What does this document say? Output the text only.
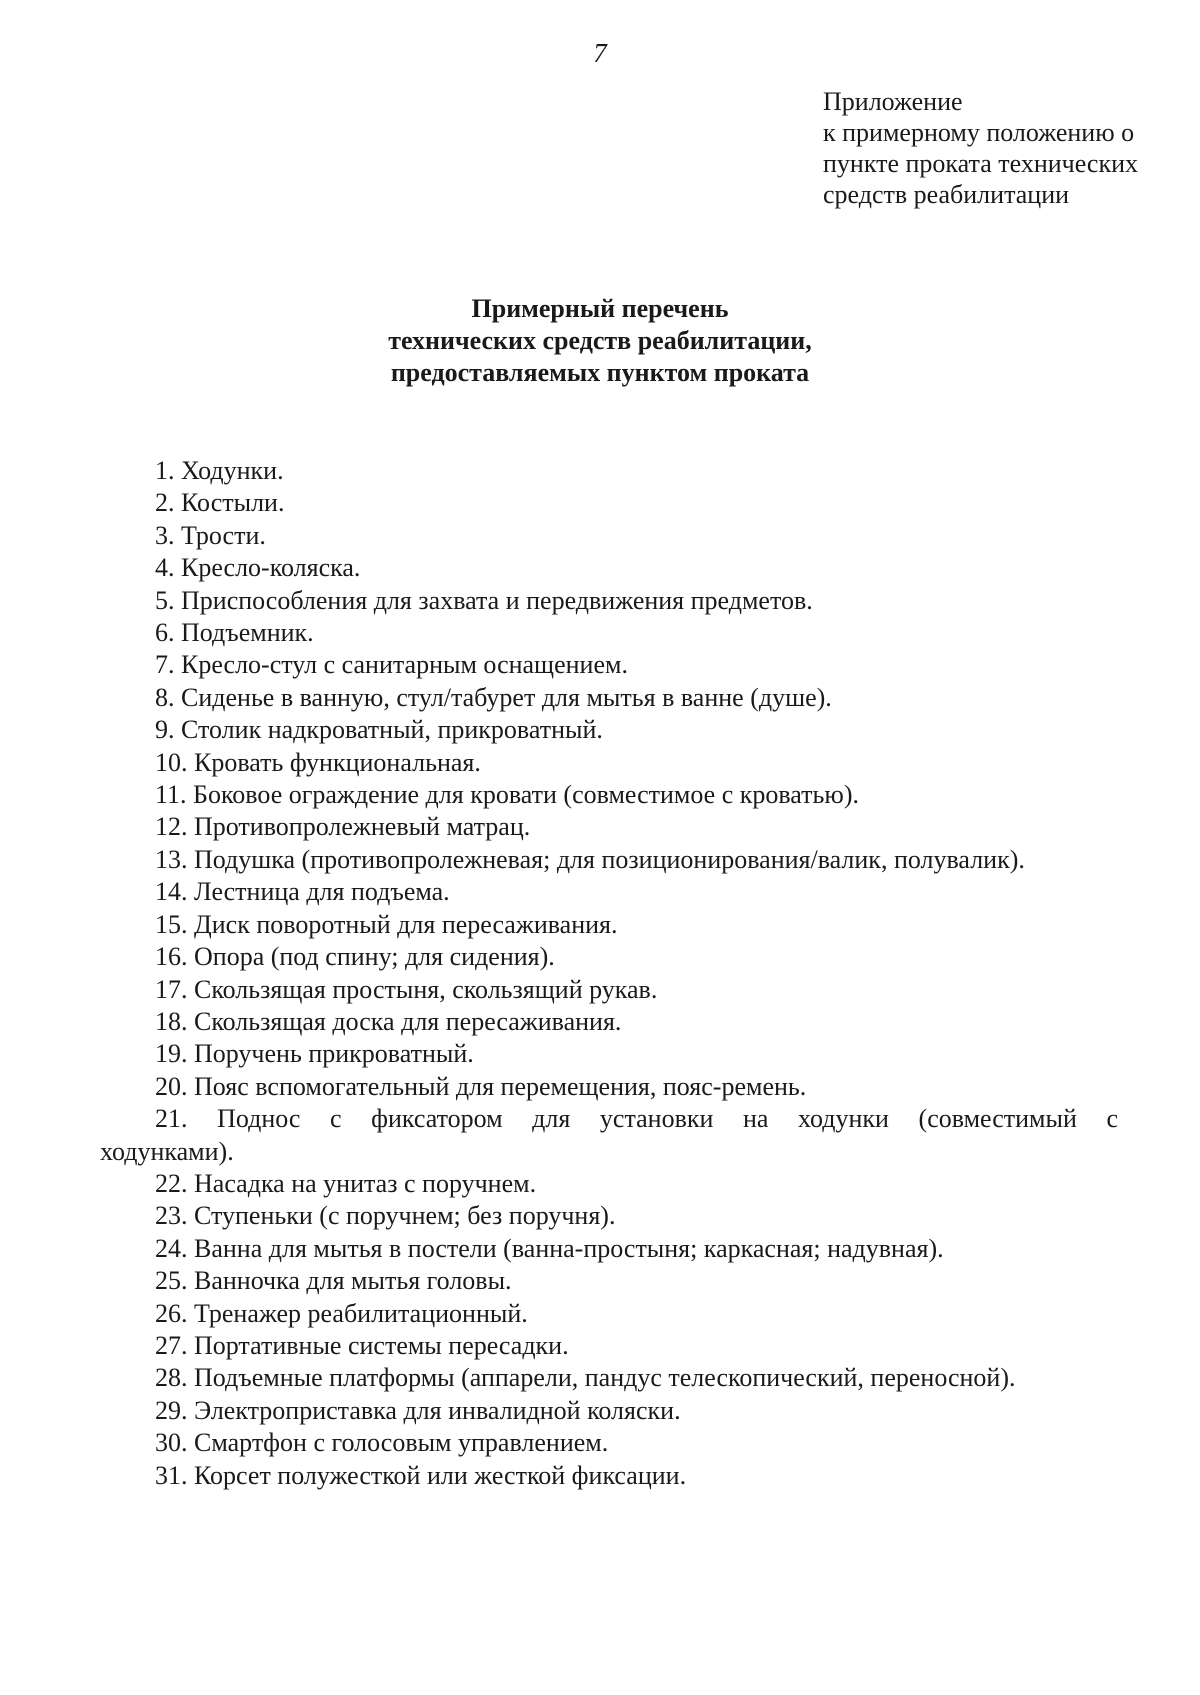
7
Приложение
к примерному положению о
пункте проката технических
средств реабилитации
Примерный перечень
технических средств реабилитации,
предоставляемых пунктом проката
1. Ходунки.
2. Костыли.
3. Трости.
4. Кресло-коляска.
5. Приспособления для захвата и передвижения предметов.
6. Подъемник.
7. Кресло-стул с санитарным оснащением.
8. Сиденье в ванную, стул/табурет для мытья в ванне (душе).
9. Столик надкроватный, прикроватный.
10. Кровать функциональная.
11. Боковое ограждение для кровати (совместимое с кроватью).
12. Противопролежневый матрац.
13. Подушка (противопролежневая; для позиционирования/валик, полувалик).
14. Лестница для подъема.
15. Диск поворотный для пересаживания.
16. Опора (под спину; для сидения).
17. Скользящая простыня, скользящий рукав.
18. Скользящая доска для пересаживания.
19. Поручень прикроватный.
20. Пояс вспомогательный для перемещения, пояс-ремень.
21. Поднос с фиксатором для установки на ходунки (совместимый с ходунками).
22. Насадка на унитаз с поручнем.
23. Ступеньки (с поручнем; без поручня).
24. Ванна для мытья в постели (ванна-простыня; каркасная; надувная).
25. Ванночка для мытья головы.
26. Тренажер реабилитационный.
27. Портативные системы пересадки.
28. Подъемные платформы (аппарели, пандус телескопический, переносной).
29. Электроприставка для инвалидной коляски.
30. Смартфон с голосовым управлением.
31. Корсет полужесткой или жесткой фиксации.
